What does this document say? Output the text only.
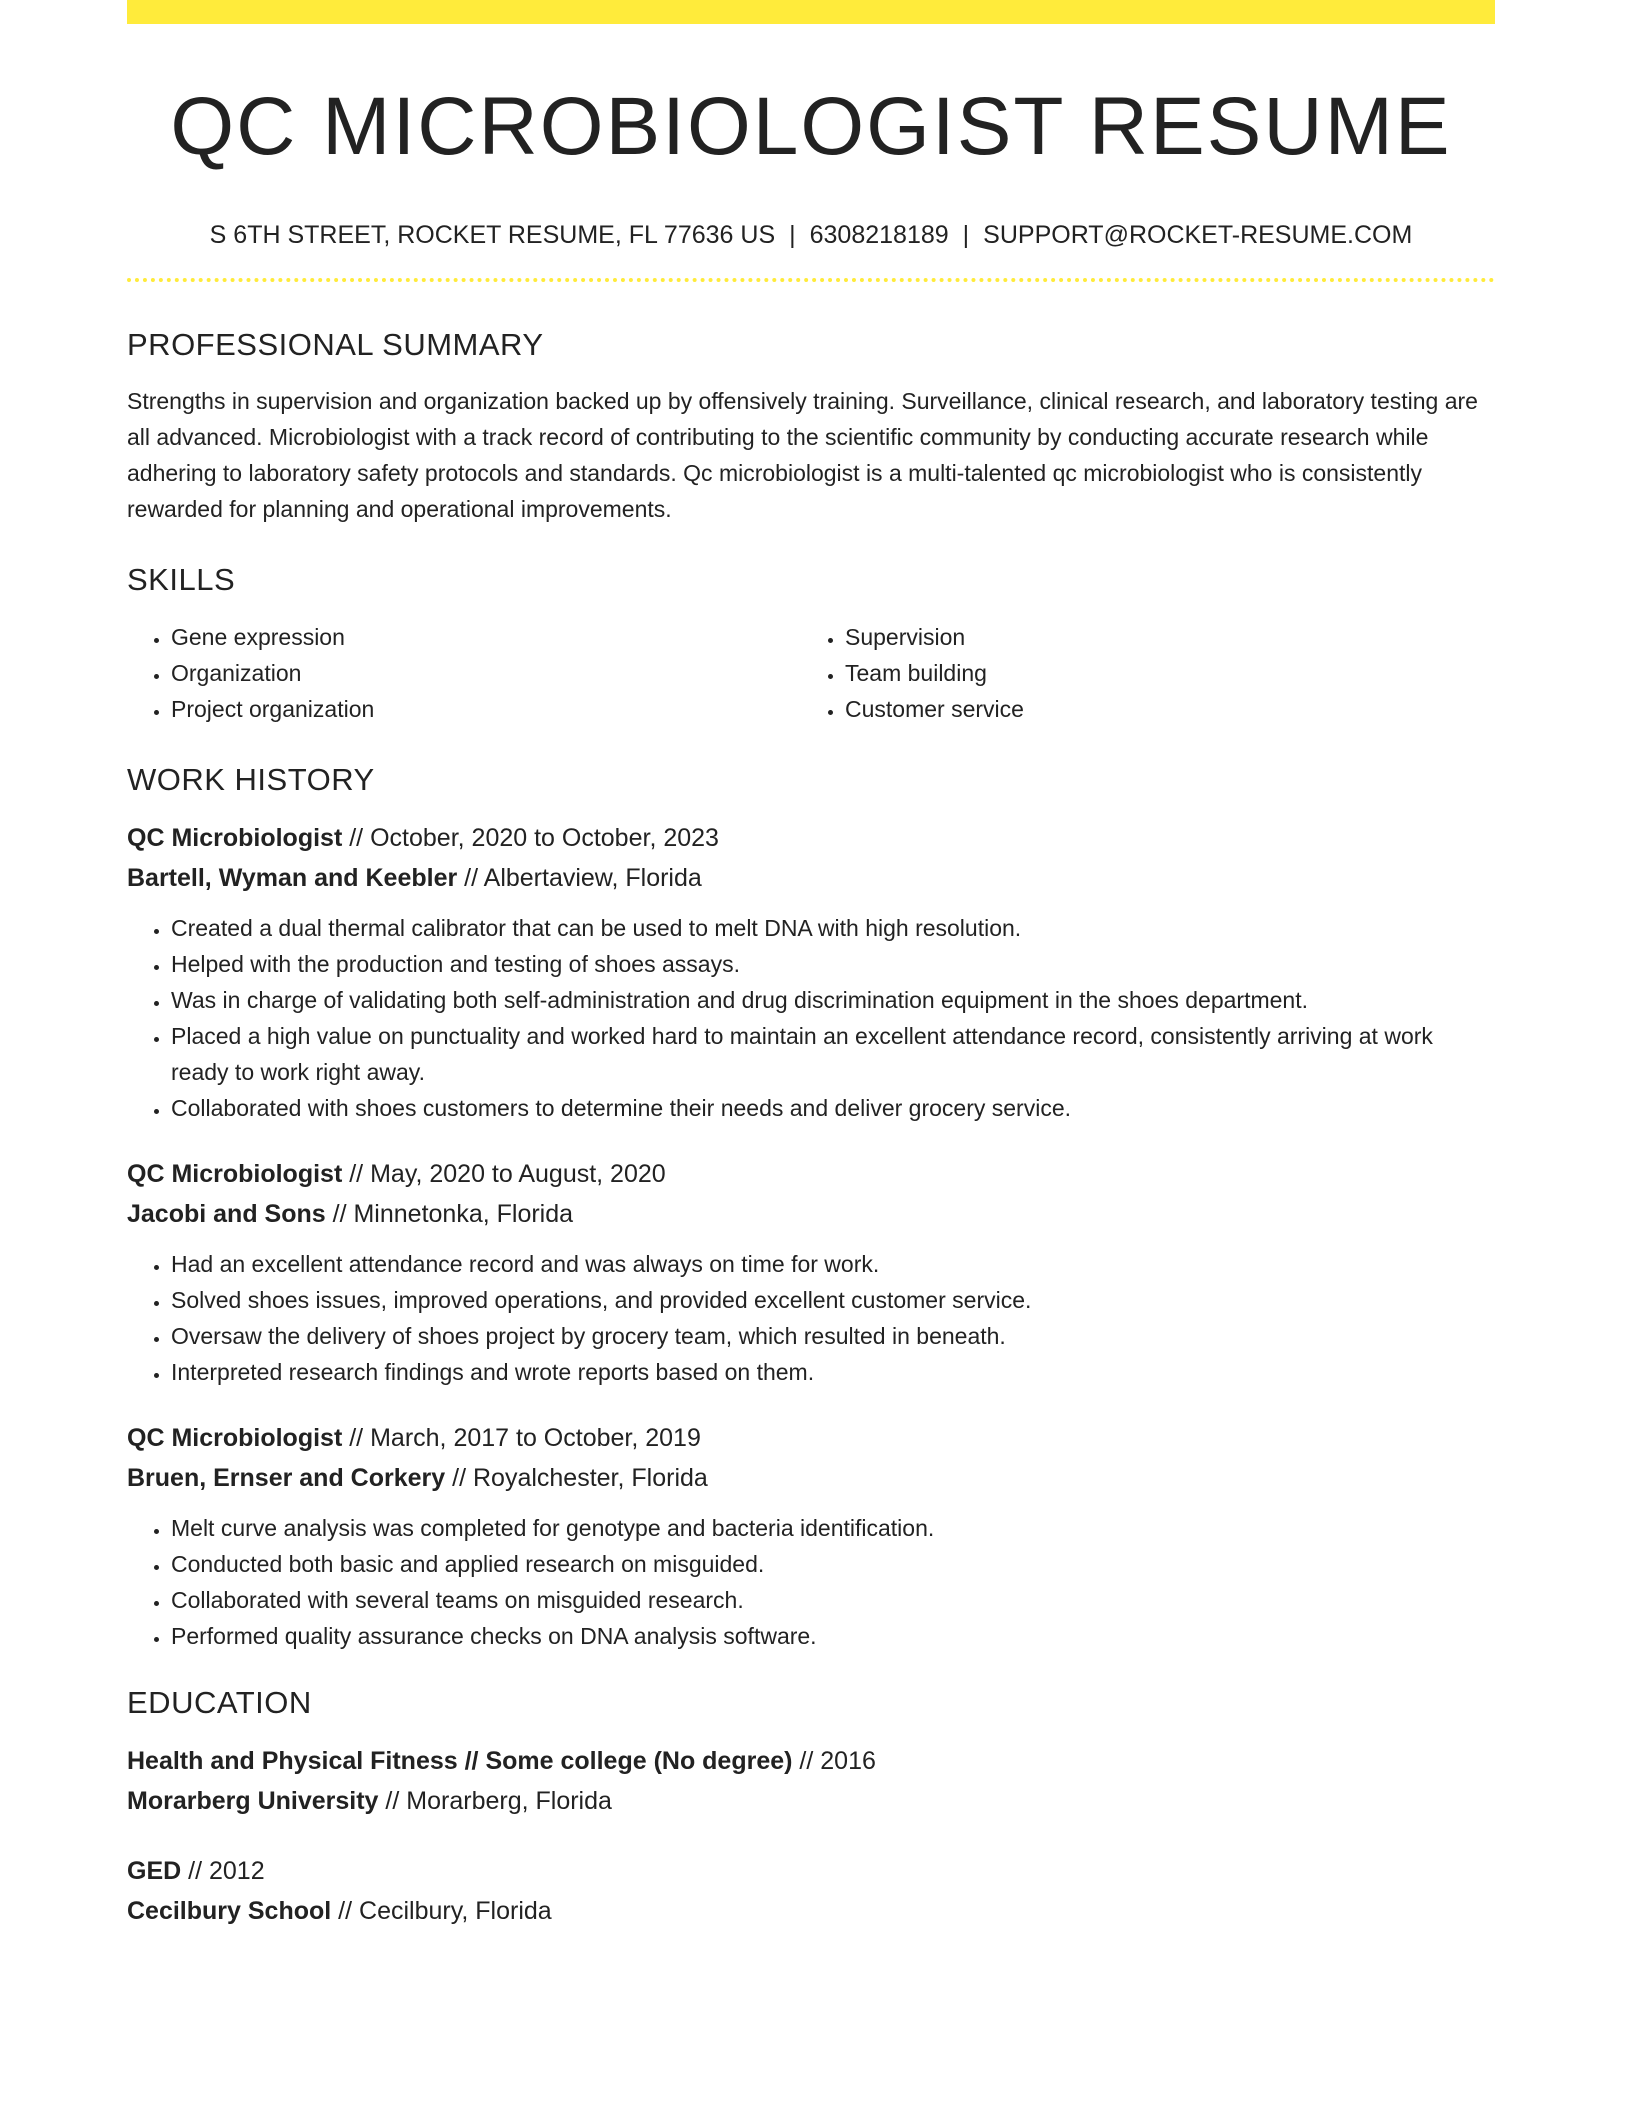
QC MICROBIOLOGIST RESUME
S 6TH STREET, ROCKET RESUME, FL 77636 US | 6308218189 | SUPPORT@ROCKET-RESUME.COM
PROFESSIONAL SUMMARY

Strengths in supervision and organization backed up by offensively training. Surveillance, clinical research, and laboratory testing are all advanced. Microbiologist with a track record of contributing to the scientific community by conducting accurate research while adhering to laboratory safety protocols and standards. Qc microbiologist is a multi-talented qc microbiologist who is consistently rewarded for planning and operational improvements.

SKILLS
• Gene expression
• Organization
• Project organization
• Supervision
• Team building
• Customer service
WORK HISTORY
QC Microbiologist // October, 2020 to October, 2023
Bartell, Wyman and Keebler // Albertaview, Florida
• Created a dual thermal calibrator that can be used to melt DNA with high resolution.
• Helped with the production and testing of shoes assays.
• Was in charge of validating both self-administration and drug discrimination equipment in the shoes department.
• Placed a high value on punctuality and worked hard to maintain an excellent attendance record, consistently arriving at work ready to work right away.
• Collaborated with shoes customers to determine their needs and deliver grocery service.
QC Microbiologist // May, 2020 to August, 2020
Jacobi and Sons // Minnetonka, Florida
• Had an excellent attendance record and was always on time for work.
• Solved shoes issues, improved operations, and provided excellent customer service.
• Oversaw the delivery of shoes project by grocery team, which resulted in beneath.
• Interpreted research findings and wrote reports based on them.
QC Microbiologist // March, 2017 to October, 2019
Bruen, Ernser and Corkery // Royalchester, Florida
• Melt curve analysis was completed for genotype and bacteria identification.
• Conducted both basic and applied research on misguided.
• Collaborated with several teams on misguided research.
• Performed quality assurance checks on DNA analysis software.
EDUCATION
Health and Physical Fitness // Some college (No degree) // 2016
Morarberg University // Morarberg, Florida
GED // 2012
Cecilbury School // Cecilbury, Florida
